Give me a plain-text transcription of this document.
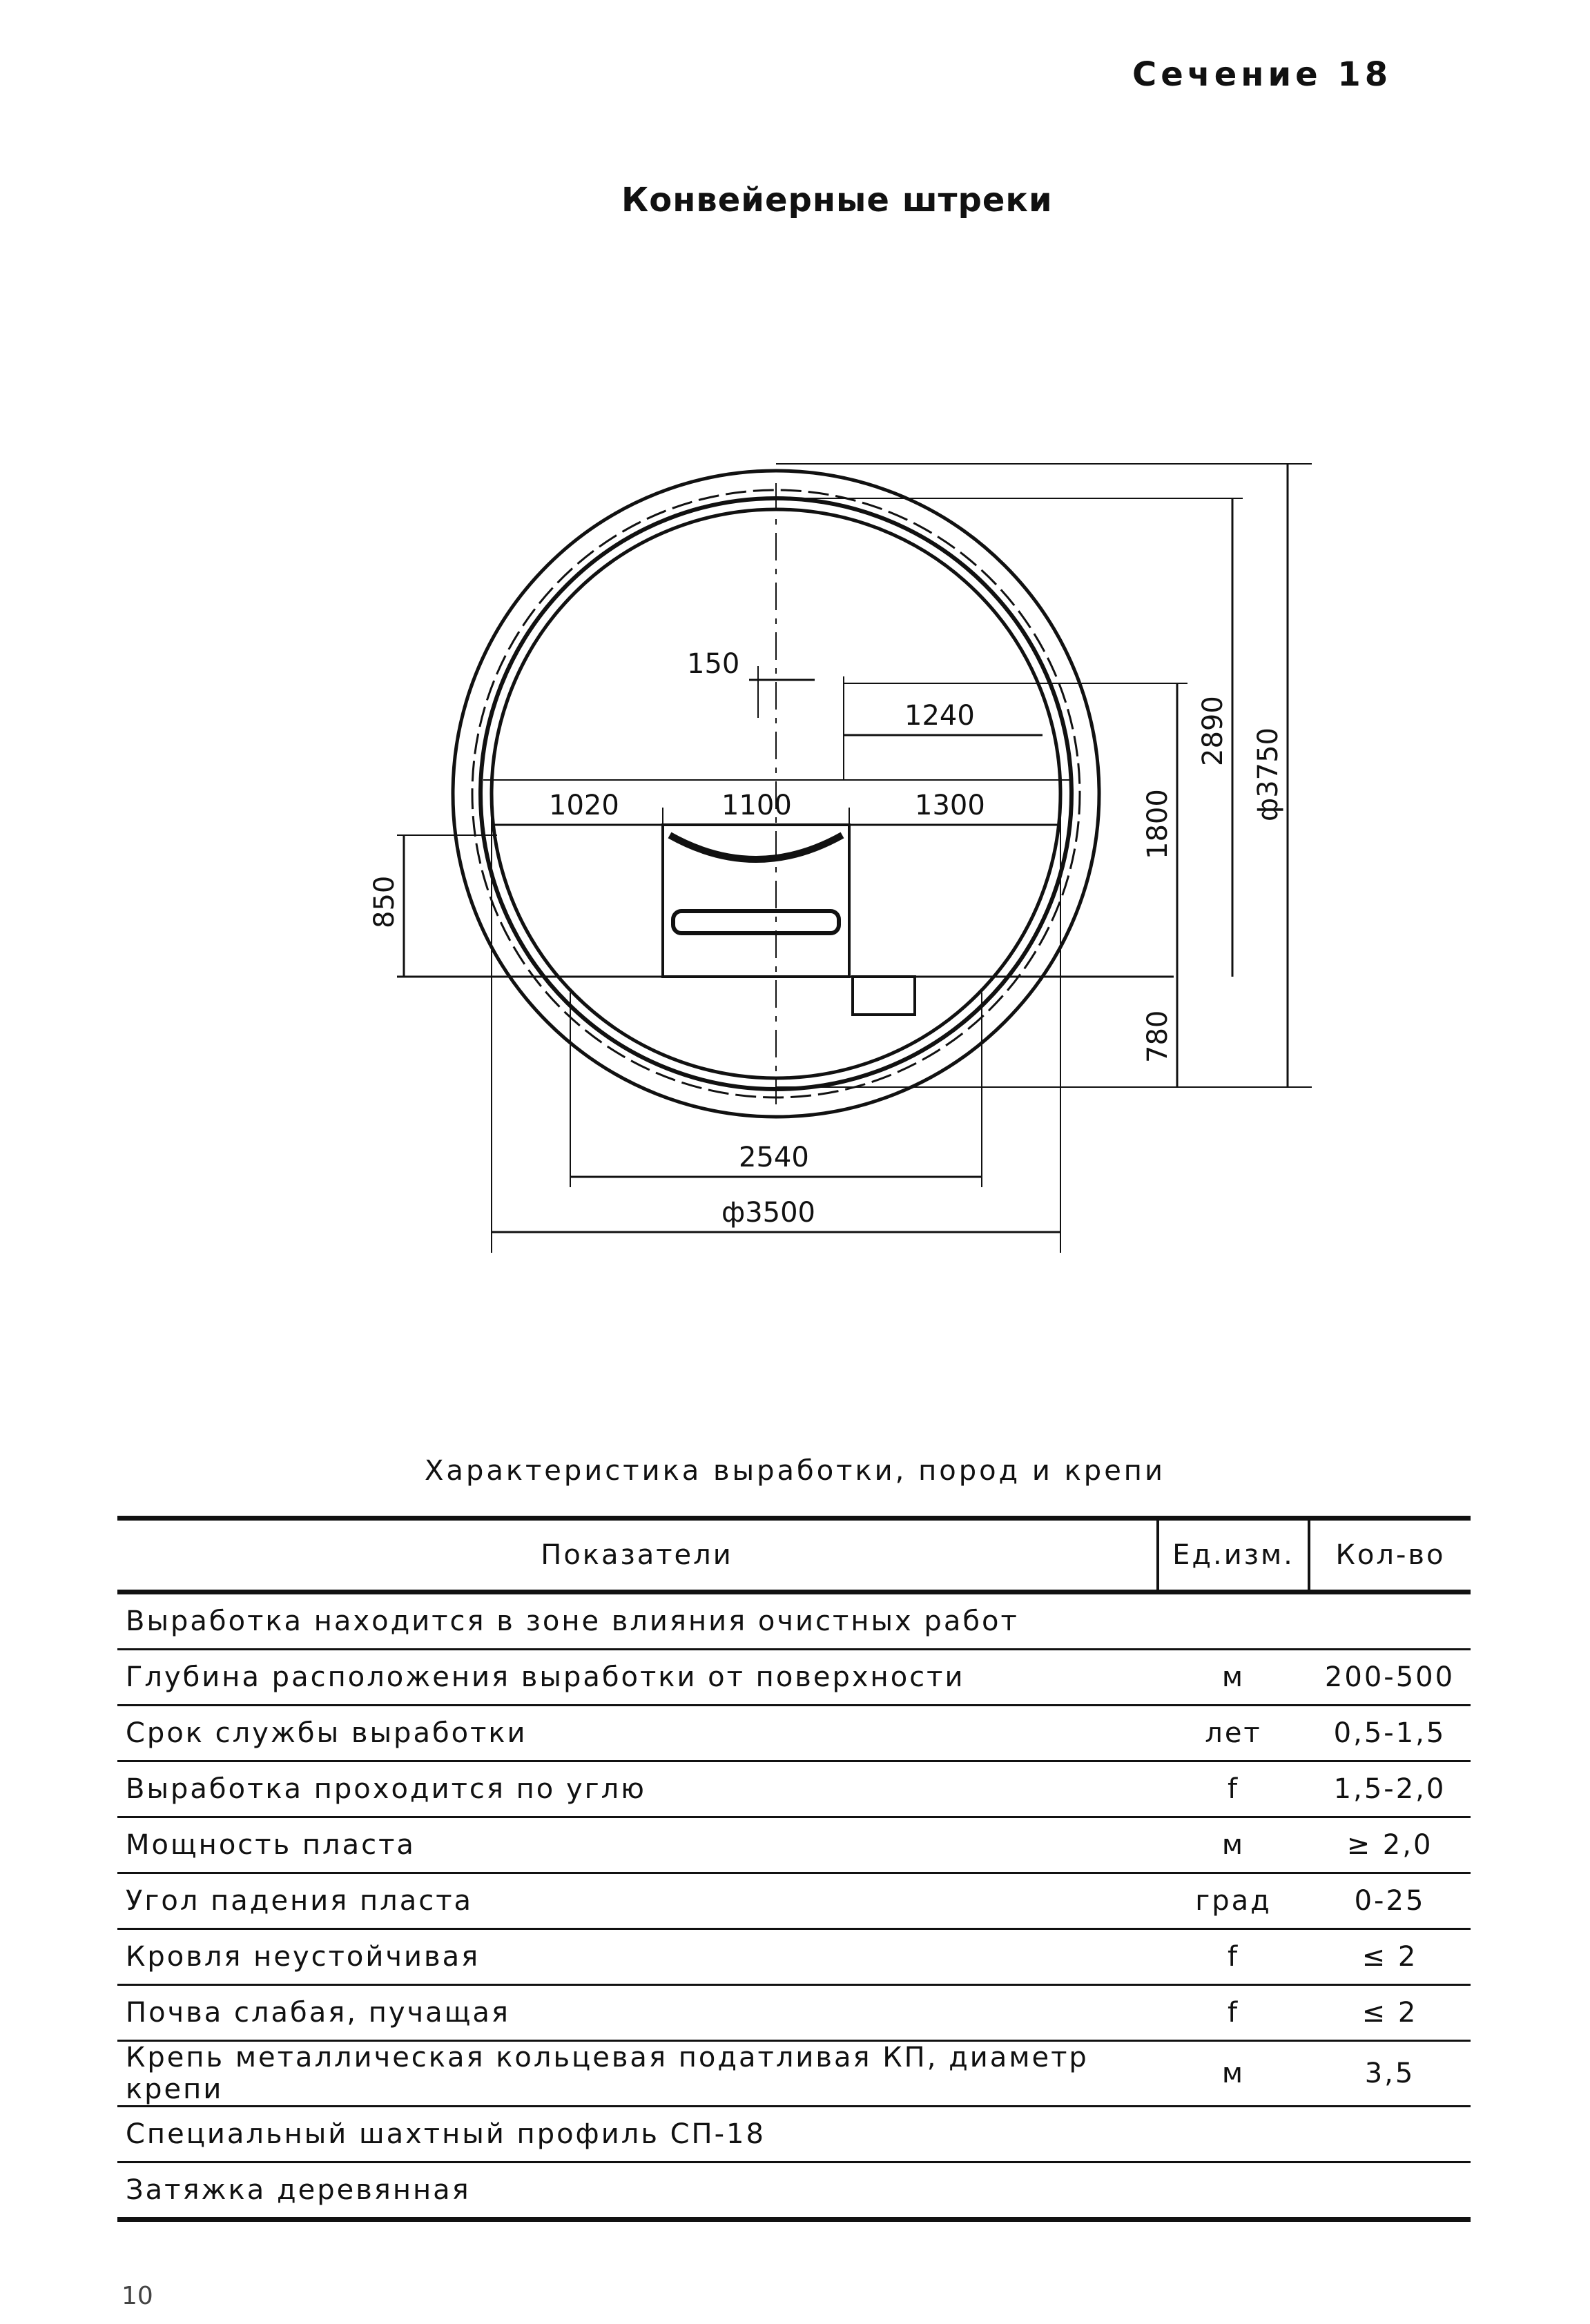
Сечение 18
Конвейерные штреки
150
1240
1020	1100	1300
850
1800
2890 ф3750
780
2540
ф3500
Характеристика выработки, пород и крепи
Показатели	Ед.изм.	Кол-во
Выработка находится в зоне влияния очистных работ		
Глубина расположения выработки от поверхности	м	200-500
Срок службы выработки	лет	0,5-1,5
Выработка проходится по углю	f	1,5-2,0
Мощность пласта	м	≥ 2,0
Угол падения пласта	град	0-25
Кровля неустойчивая	f	≤ 2
Почва слабая, пучащая	f	≤ 2
Крепь металлическая кольцевая податливая КП, диаметр крепи	м	3,5
Специальный шахтный профиль СП-18		
Затяжка деревянная		
10
